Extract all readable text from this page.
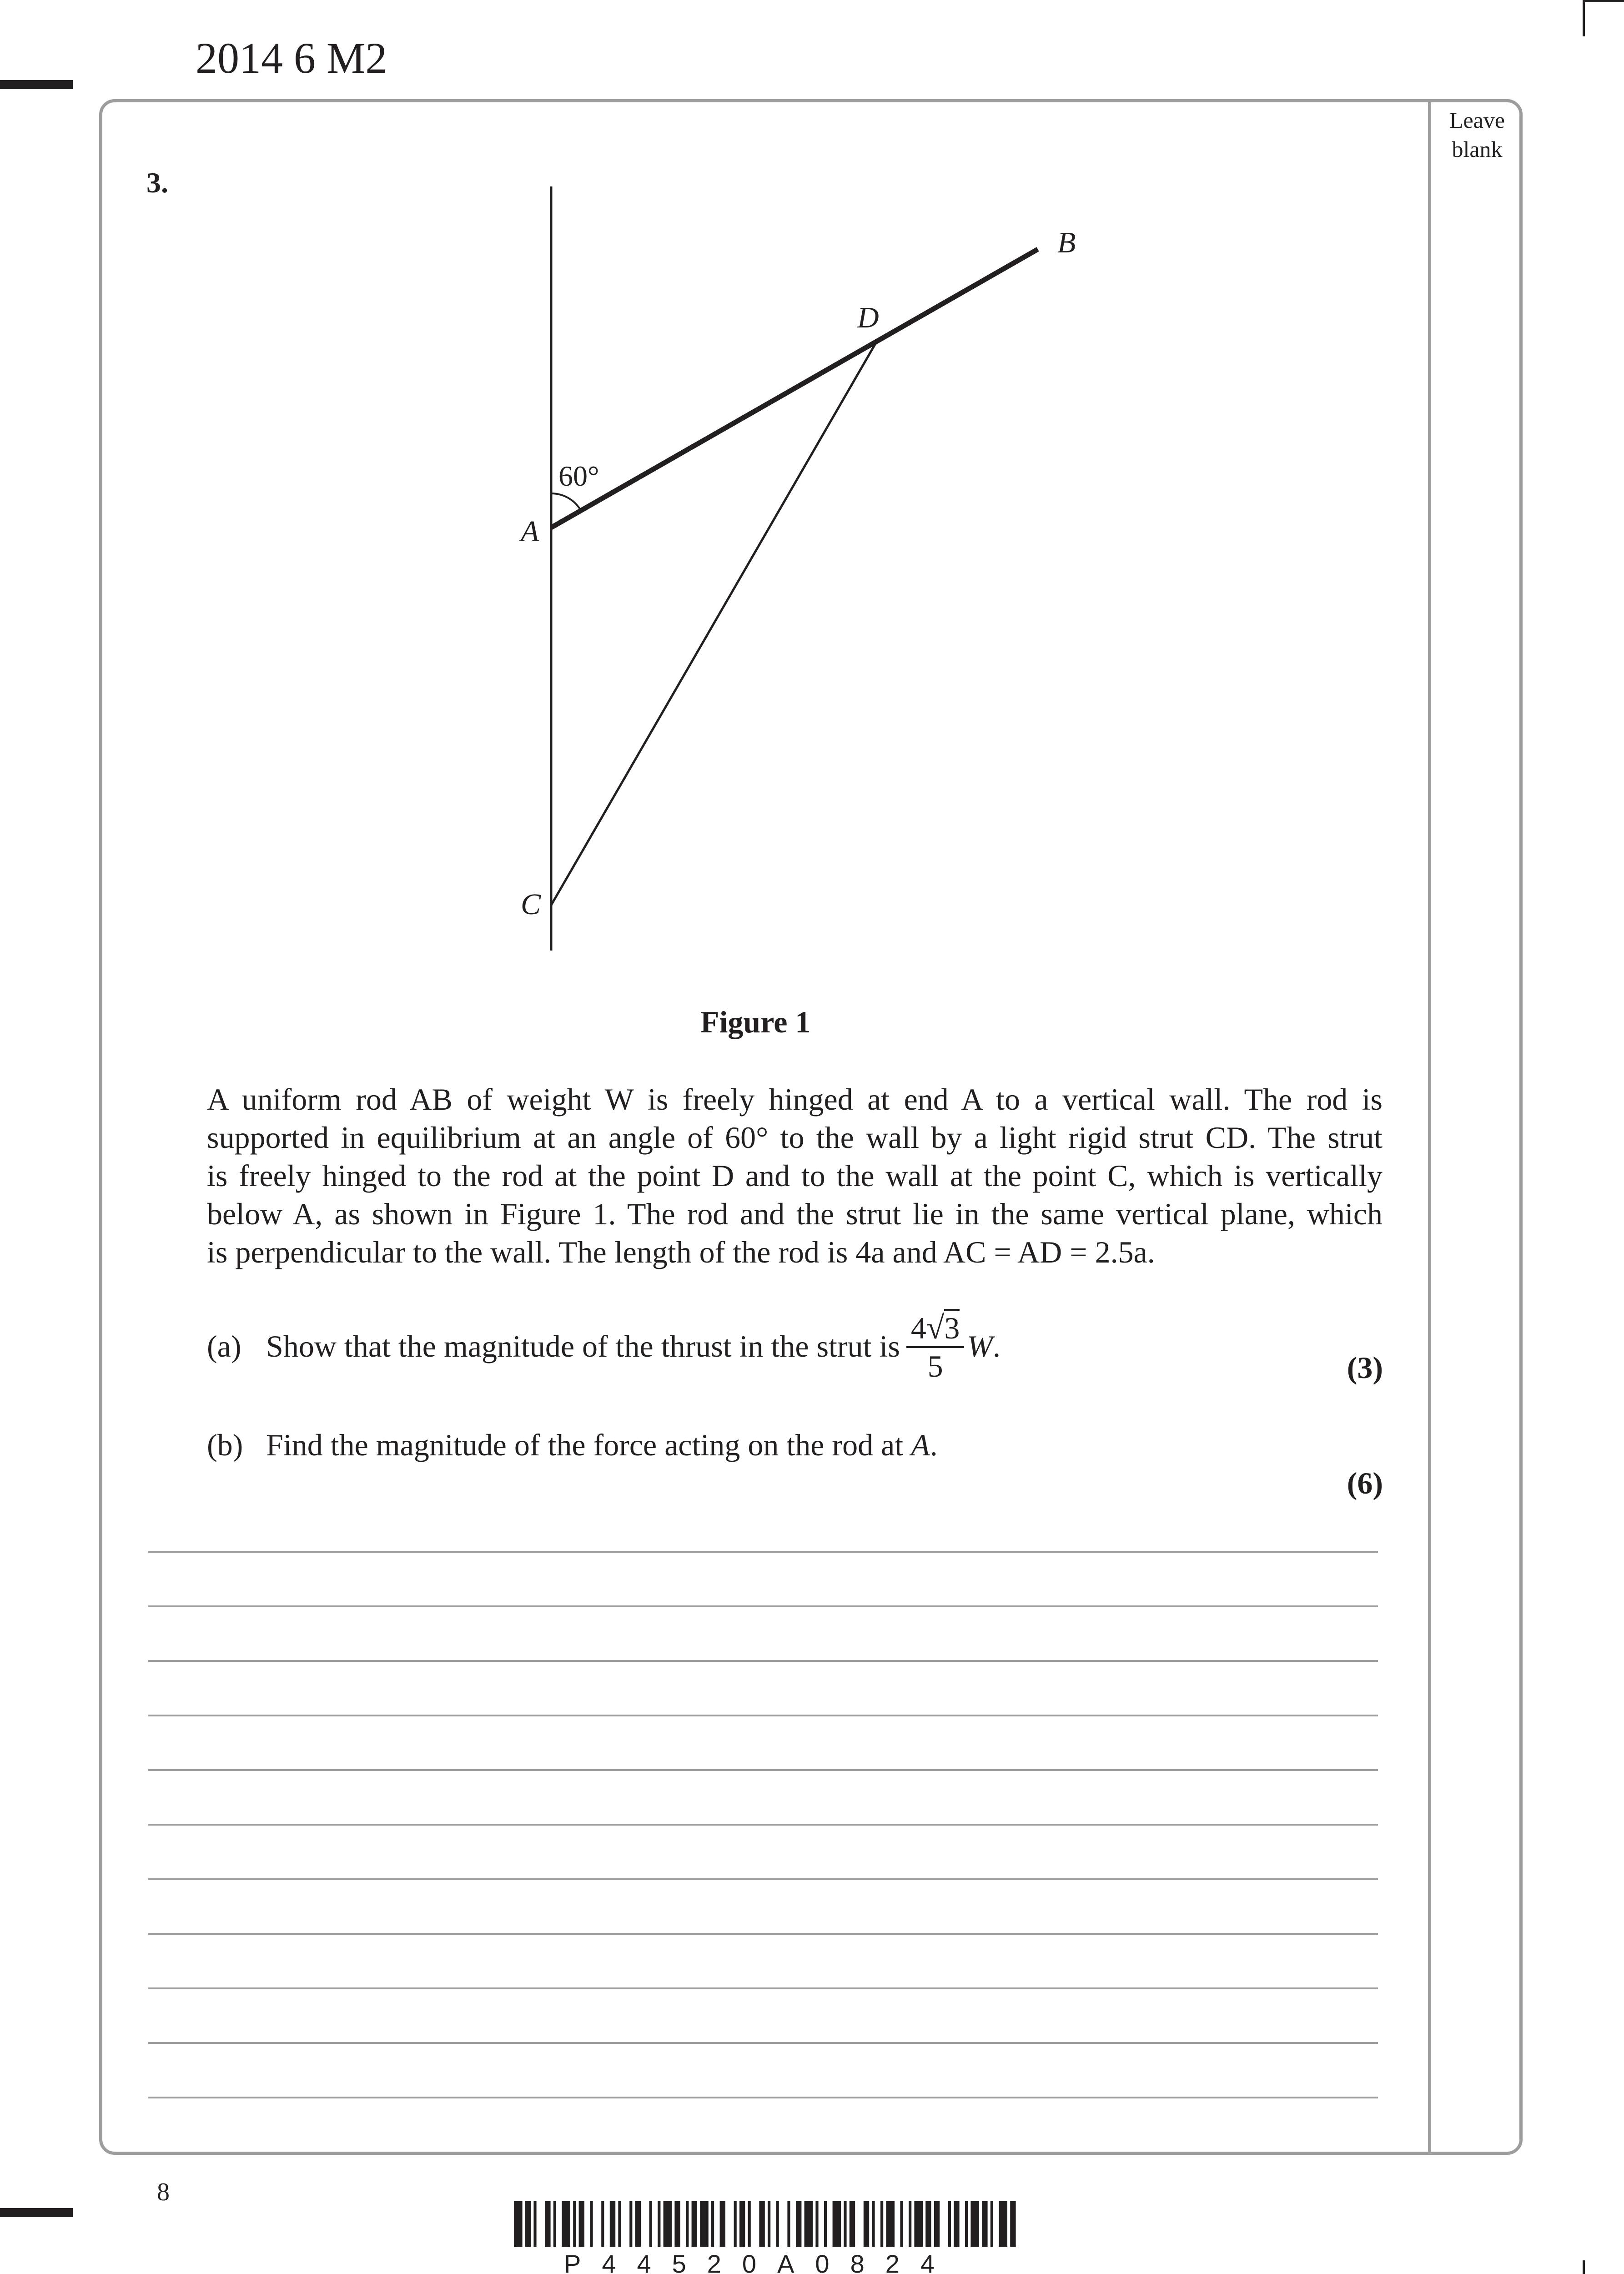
2014 6 M2
Leave
blank
3.
60°
A
B
C
D
Figure 1
A uniform rod AB of weight W is freely hinged at end A to a vertical wall. The rod is
supported in equilibrium at an angle of 60° to the wall by a light rigid strut CD. The strut
is freely hinged to the rod at the point D and to the wall at the point C, which is vertically
below A, as shown in Figure 1. The rod and the strut lie in the same vertical plane, which
is perpendicular to the wall. The length of the rod is 4a and AC = AD = 2.5a.
(a) Show that the magnitude of the thrust in the strut is $\frac{4√3}{5} W$.
(3)
(b) Find the magnitude of the force acting on the rod at A.
(6)
8
P44520A0824
